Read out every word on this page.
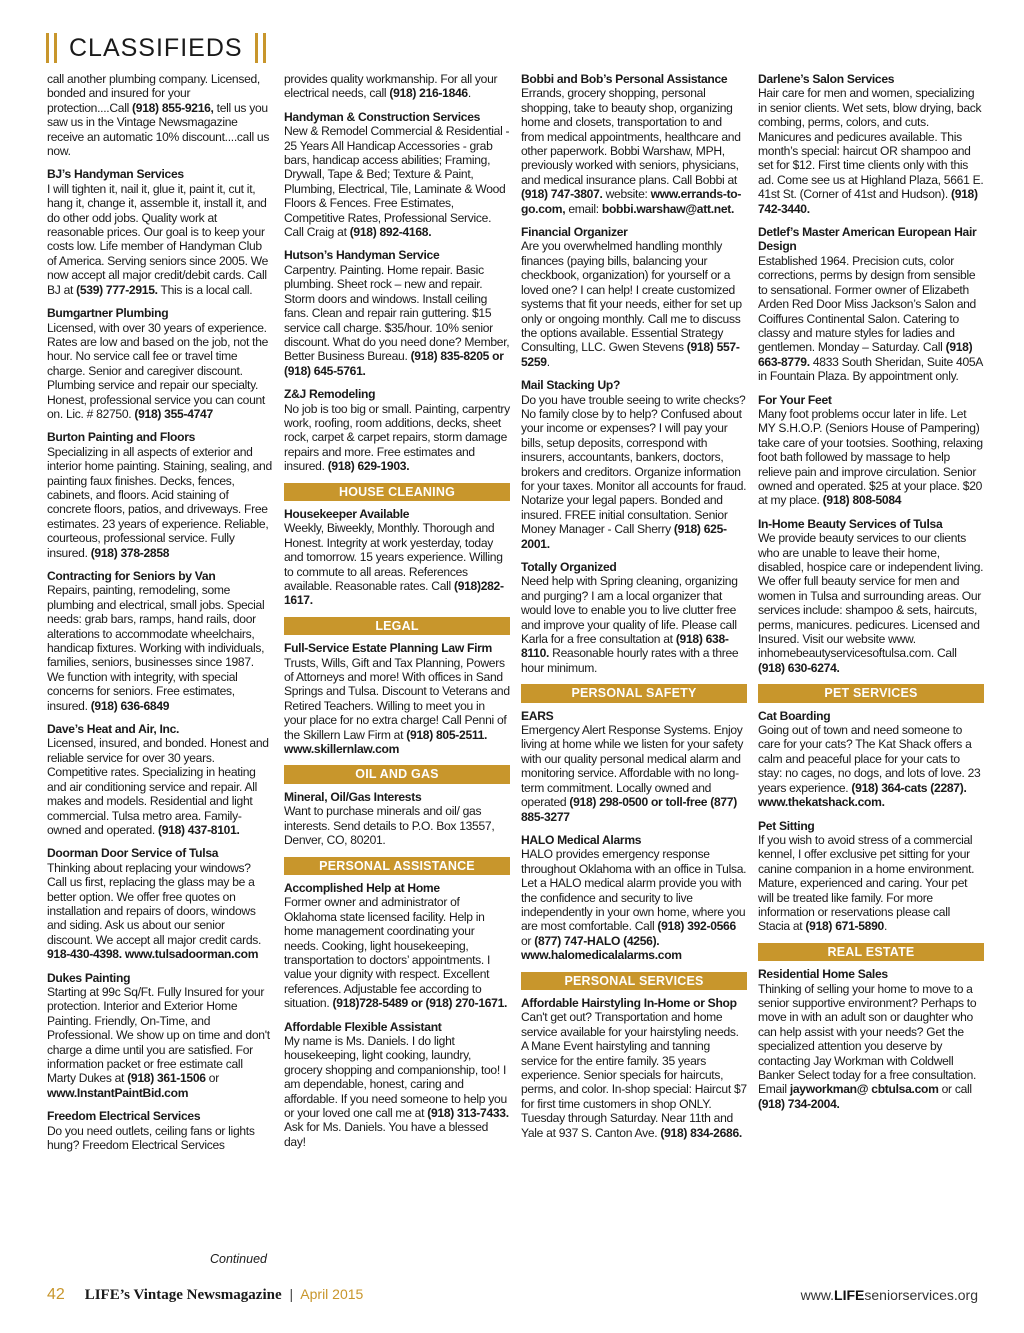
CLASSIFIEDS
call another plumbing company. Licensed, bonded and insured for your protection....Call (918) 855-9216, tell us you saw us in the Vintage Newsmagazine receive an automatic 10% discount....call us now.
BJ’s Handyman Services
I will tighten it, nail it, glue it, paint it, cut it, hang it, change it, assemble it, install it, and do other odd jobs. Quality work at reasonable prices. Our goal is to keep your costs low. Life member of Handyman Club of America. Serving seniors since 2005. We now accept all major credit/debit cards. Call BJ at (539) 777-2915. This is a local call.
Bumgartner Plumbing
Licensed, with over 30 years of experience. Rates are low and based on the job, not the hour. No service call fee or travel time charge. Senior and caregiver discount. Plumbing service and repair our specialty. Honest, professional service you can count on. Lic. # 82750. (918) 355-4747
Burton Painting and Floors
Specializing in all aspects of exterior and interior home painting. Staining, sealing, and painting faux finishes. Decks, fences, cabinets, and floors. Acid staining of concrete floors, patios, and driveways. Free estimates. 23 years of experience. Reliable, courteous, professional service. Fully insured. (918) 378-2858
Contracting for Seniors by Van
Repairs, painting, remodeling, some plumbing and electrical, small jobs. Special needs: grab bars, ramps, hand rails, door alterations to accommodate wheelchairs, handicap fixtures. Working with individuals, families, seniors, businesses since 1987. We function with integrity, with special concerns for seniors. Free estimates, insured. (918) 636-6849
Dave’s Heat and Air, Inc.
Licensed, insured, and bonded. Honest and reliable service for over 30 years. Competitive rates. Specializing in heating and air conditioning service and repair. All makes and models. Residential and light commercial. Tulsa metro area. Family-owned and operated. (918) 437-8101.
Doorman Door Service of Tulsa
Thinking about replacing your windows? Call us first, replacing the glass may be a better option. We offer free quotes on installation and repairs of doors, windows and siding. Ask us about our senior discount. We accept all major credit cards. 918-430-4398. www.tulsadoorman.com
Dukes Painting
Starting at 99c Sq/Ft. Fully Insured for your protection. Interior and Exterior Home Painting. Friendly, On-Time, and Professional. We show up on time and don't charge a dime until you are satisfied. For information packet or free estimate call Marty Dukes at (918) 361-1506 or www.InstantPaintBid.com
Freedom Electrical Services
Do you need outlets, ceiling fans or lights hung? Freedom Electrical Services
provides quality workmanship. For all your electrical needs, call (918) 216-1846.
Handyman & Construction Services
New & Remodel Commercial & Residential - 25 Years All Handicap Accessories - grab bars, handicap access abilities; Framing, Drywall, Tape & Bed; Texture & Paint, Plumbing, Electrical, Tile, Laminate & Wood Floors & Fences. Free Estimates, Competitive Rates, Professional Service. Call Craig at (918) 892-4168.
Hutson’s Handyman Service
Carpentry. Painting. Home repair. Basic plumbing. Sheet rock – new and repair. Storm doors and windows. Install ceiling fans. Clean and repair rain guttering. $15 service call charge. $35/hour. 10% senior discount. What do you need done? Member, Better Business Bureau. (918) 835-8205 or (918) 645-5761.
Z&J Remodeling
No job is too big or small. Painting, carpentry work, roofing, room additions, decks, sheet rock, carpet & carpet repairs, storm damage repairs and more. Free estimates and insured. (918) 629-1903.
HOUSE CLEANING
Housekeeper Available
Weekly, Biweekly, Monthly. Thorough and Honest. Integrity at work yesterday, today and tomorrow. 15 years experience. Willing to commute to all areas. References available. Reasonable rates. Call (918)282-1617.
LEGAL
Full-Service Estate Planning Law Firm
Trusts, Wills, Gift and Tax Planning, Powers of Attorneys and more! With offices in Sand Springs and Tulsa. Discount to Veterans and Retired Teachers. Willing to meet you in your place for no extra charge! Call Penni of the Skillern Law Firm at (918) 805-2511. www.skillernlaw.com
OIL AND GAS
Mineral, Oil/Gas Interests
Want to purchase minerals and oil/ gas interests. Send details to P.O. Box 13557, Denver, CO, 80201.
PERSONAL ASSISTANCE
Accomplished Help at Home
Former owner and administrator of Oklahoma state licensed facility. Help in home management coordinating your needs. Cooking, light housekeeping, transportation to doctors’ appointments. I value your dignity with respect. Excellent references. Adjustable fee according to situation. (918)728-5489 or (918) 270-1671.
Affordable Flexible Assistant
My name is Ms. Daniels. I do light housekeeping, light cooking, laundry, grocery shopping and companionship, too! I am dependable, honest, caring and affordable. If you need someone to help you or your loved one call me at (918) 313-7433. Ask for Ms. Daniels. You have a blessed day!
Bobbi and Bob’s Personal Assistance
Errands, grocery shopping, personal shopping, take to beauty shop, organizing home and closets, transportation to and from medical appointments, healthcare and other paperwork. Bobbi Warshaw, MPH, previously worked with seniors, physicians, and medical insurance plans. Call Bobbi at (918) 747-3807. website: www.errands-to-go.com, email: bobbi.warshaw@att.net.
Financial Organizer
Are you overwhelmed handling monthly finances (paying bills, balancing your checkbook, organization) for yourself or a loved one? I can help! I create customized systems that fit your needs, either for set up only or ongoing monthly. Call me to discuss the options available. Essential Strategy Consulting, LLC. Gwen Stevens (918) 557-5259.
Mail Stacking Up?
Do you have trouble seeing to write checks? No family close by to help? Confused about your income or expenses? I will pay your bills, setup deposits, correspond with insurers, accountants, bankers, doctors, brokers and creditors. Organize information for your taxes. Monitor all accounts for fraud. Notarize your legal papers. Bonded and insured. FREE initial consultation. Senior Money Manager - Call Sherry (918) 625-2001.
Totally Organized
Need help with Spring cleaning, organizing and purging? I am a local organizer that would love to enable you to live clutter free and improve your quality of life. Please call Karla for a free consultation at (918) 638-8110. Reasonable hourly rates with a three hour minimum.
PERSONAL SAFETY
EARS
Emergency Alert Response Systems. Enjoy living at home while we listen for your safety with our quality personal medical alarm and monitoring service. Affordable with no long-term commitment. Locally owned and operated (918) 298-0500 or toll-free (877) 885-3277
HALO Medical Alarms
HALO provides emergency response throughout Oklahoma with an office in Tulsa. Let a HALO medical alarm provide you with the confidence and security to live independently in your own home, where you are most comfortable. Call (918) 392-0566 or (877) 747-HALO (4256). www.halomedicalalarms.com
PERSONAL SERVICES
Affordable Hairstyling In-Home or Shop
Can't get out? Transportation and home service available for your hairstyling needs. A Mane Event hairstyling and tanning service for the entire family. 35 years experience. Senior specials for haircuts, perms, and color. In-shop special: Haircut $7 for first time customers in shop ONLY. Tuesday through Saturday. Near 11th and Yale at 937 S. Canton Ave. (918) 834-2686.
Darlene’s Salon Services
Hair care for men and women, specializing in senior clients. Wet sets, blow drying, back combing, perms, colors, and cuts. Manicures and pedicures available. This month’s special: haircut OR shampoo and set for $12. First time clients only with this ad. Come see us at Highland Plaza, 5661 E. 41st St. (Corner of 41st and Hudson). (918) 742-3440.
Detlef’s Master American European Hair Design
Established 1964. Precision cuts, color corrections, perms by design from sensible to sensational. Former owner of Elizabeth Arden Red Door Miss Jackson’s Salon and Coiffures Continental Salon. Catering to classy and mature styles for ladies and gentlemen. Monday – Saturday. Call (918) 663-8779. 4833 South Sheridan, Suite 405A in Fountain Plaza. By appointment only.
For Your Feet
Many foot problems occur later in life. Let MY S.H.O.P. (Seniors House of Pampering) take care of your tootsies. Soothing, relaxing foot bath followed by massage to help relieve pain and improve circulation. Senior owned and operated. $25 at your place. $20 at my place. (918) 808-5084
In-Home Beauty Services of Tulsa
We provide beauty services to our clients who are unable to leave their home, disabled, hospice care or independent living. We offer full beauty service for men and women in Tulsa and surrounding areas. Our services include: shampoo & sets, haircuts, perms, manicures. pedicures. Licensed and Insured. Visit our website www. inhomebeautyservicesoftulsa.com. Call (918) 630-6274.
PET SERVICES
Cat Boarding
Going out of town and need someone to care for your cats? The Kat Shack offers a calm and peaceful place for your cats to stay: no cages, no dogs, and lots of love. 23 years experience. (918) 364-cats (2287). www.thekatshack.com.
Pet Sitting
If you wish to avoid stress of a commercial kennel, I offer exclusive pet sitting for your canine companion in a home environment. Mature, experienced and caring. Your pet will be treated like family. For more information or reservations please call Stacia at (918) 671-5890.
REAL ESTATE
Residential Home Sales
Thinking of selling your home to move to a senior supportive environment? Perhaps to move in with an adult son or daughter who can help assist with your needs? Get the specialized attention you deserve by contacting Jay Workman with Coldwell Banker Select today for a free consultation. Email jayworkman@ cbtulsa.com or call (918) 734-2004.
Continued
42 LIFE’s Vintage Newsmagazine | April 2015	www.LIFEseniorservices.org
